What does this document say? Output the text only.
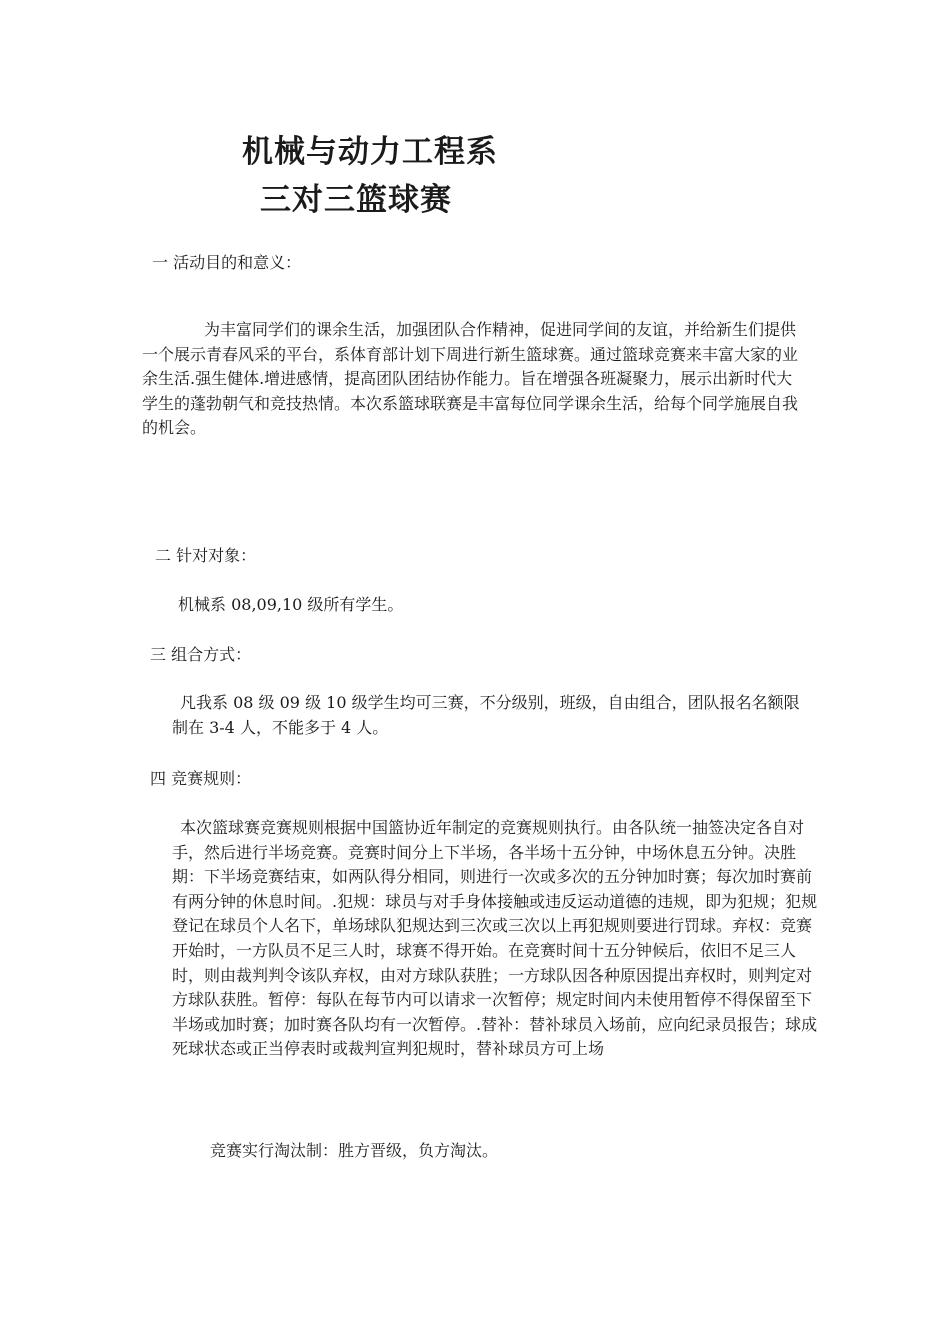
机械与动力工程系
三对三篮球赛
一 活动目的和意义：
为丰富同学们的课余生活，加强团队合作精神，促进同学间的友谊，并给新生们提供一个展示青春风采的平台，系体育部计划下周进行新生篮球赛。通过篮球竞赛来丰富大家的业余生活.强生健体.增进感情，提高团队团结协作能力。旨在增强各班凝聚力，展示出新时代大学生的蓬勃朝气和竞技热情。本次系篮球联赛是丰富每位同学课余生活，给每个同学施展自我的机会。
二 针对对象：
机械系 08,09,10 级所有学生。
三 组合方式：
凡我系 08 级 09 级 10 级学生均可三赛，不分级别，班级，自由组合，团队报名名额限制在 3-4 人，不能多于 4 人。
四 竞赛规则：
本次篮球赛竞赛规则根据中国篮协近年制定的竞赛规则执行。由各队统一抽签决定各自对手，然后进行半场竞赛。竞赛时间分上下半场，各半场十五分钟，中场休息五分钟。决胜期：下半场竞赛结束，如两队得分相同，则进行一次或多次的五分钟加时赛；每次加时赛前有两分钟的休息时间。.犯规：球员与对手身体接触或违反运动道德的违规，即为犯规；犯规登记在球员个人名下，单场球队犯规达到三次或三次以上再犯规则要进行罚球。弃权：竞赛开始时，一方队员不足三人时，球赛不得开始。在竞赛时间十五分钟候后，依旧不足三人时，则由裁判判令该队弃权，由对方球队获胜；一方球队因各种原因提出弃权时，则判定对方球队获胜。暂停：每队在每节内可以请求一次暂停；规定时间内未使用暂停不得保留至下半场或加时赛；加时赛各队均有一次暂停。.替补：替补球员入场前，应向纪录员报告；球成死球状态或正当停表时或裁判宣判犯规时，替补球员方可上场
竞赛实行淘汰制：胜方晋级，负方淘汰。
